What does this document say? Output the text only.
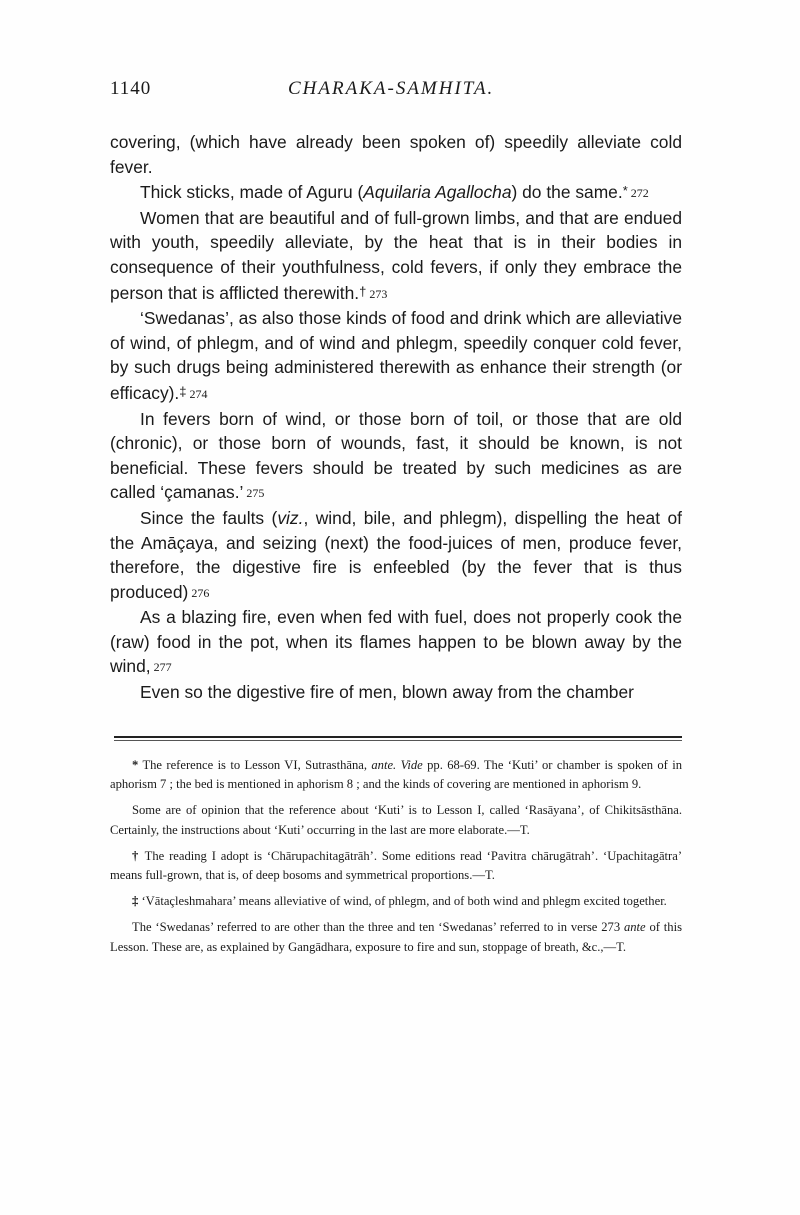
1140	CHARAKA-SAMHITA.

covering, (which have already been spoken of) speedily alleviate cold fever.

Thick sticks, made of Aguru (Aquilaria Agallocha) do the same.* 272

Women that are beautiful and of full-grown limbs, and that are endued with youth, speedily alleviate, by the heat that is in their bodies in consequence of their youthfulness, cold fevers, if only they embrace the person that is afflicted therewith.† 273

‘Swedanas’, as also those kinds of food and drink which are alleviative of wind, of phlegm, and of wind and phlegm, speedily conquer cold fever, by such drugs being administered therewith as enhance their strength (or efficacy).‡ 274

In fevers born of wind, or those born of toil, or those that are old (chronic), or those born of wounds, fast, it should be known, is not beneficial. These fevers should be treated by such medicines as are called ‘çamanas.’ 275

Since the faults (viz., wind, bile, and phlegm), dispelling the heat of the Amāçaya, and seizing (next) the food-juices of men, produce fever, therefore, the digestive fire is enfeebled (by the fever that is thus produced) 276

As a blazing fire, even when fed with fuel, does not properly cook the (raw) food in the pot, when its flames happen to be blown away by the wind, 277

Even so the digestive fire of men, blown away from the chamber

* The reference is to Lesson VI, Sutrasthāna, ante. Vide pp. 68-69. The ‘Kuti’ or chamber is spoken of in aphorism 7 ; the bed is mentioned in aphorism 8 ; and the kinds of covering are mentioned in aphorism 9.

Some are of opinion that the reference about ‘Kuti’ is to Lesson I, called ‘Rasāyana’, of Chikitsāsthāna. Certainly, the instructions about ‘Kuti’ occurring in the last are more elaborate.—T.

† The reading I adopt is ‘Chārupachitagātrāh’. Some editions read ‘Pavitra chārugātrah’. ‘Upachitagātra’ means full-grown, that is, of deep bosoms and symmetrical proportions.—T.

‡ ‘Vātaçleshmahara’ means alleviative of wind, of phlegm, and of both wind and phlegm excited together.

The ‘Swedanas’ referred to are other than the three and ten ‘Swedanas’ referred to in verse 273 ante of this Lesson. These are, as explained by Gangādhara, exposure to fire and sun, stoppage of breath, &c.,—T.
